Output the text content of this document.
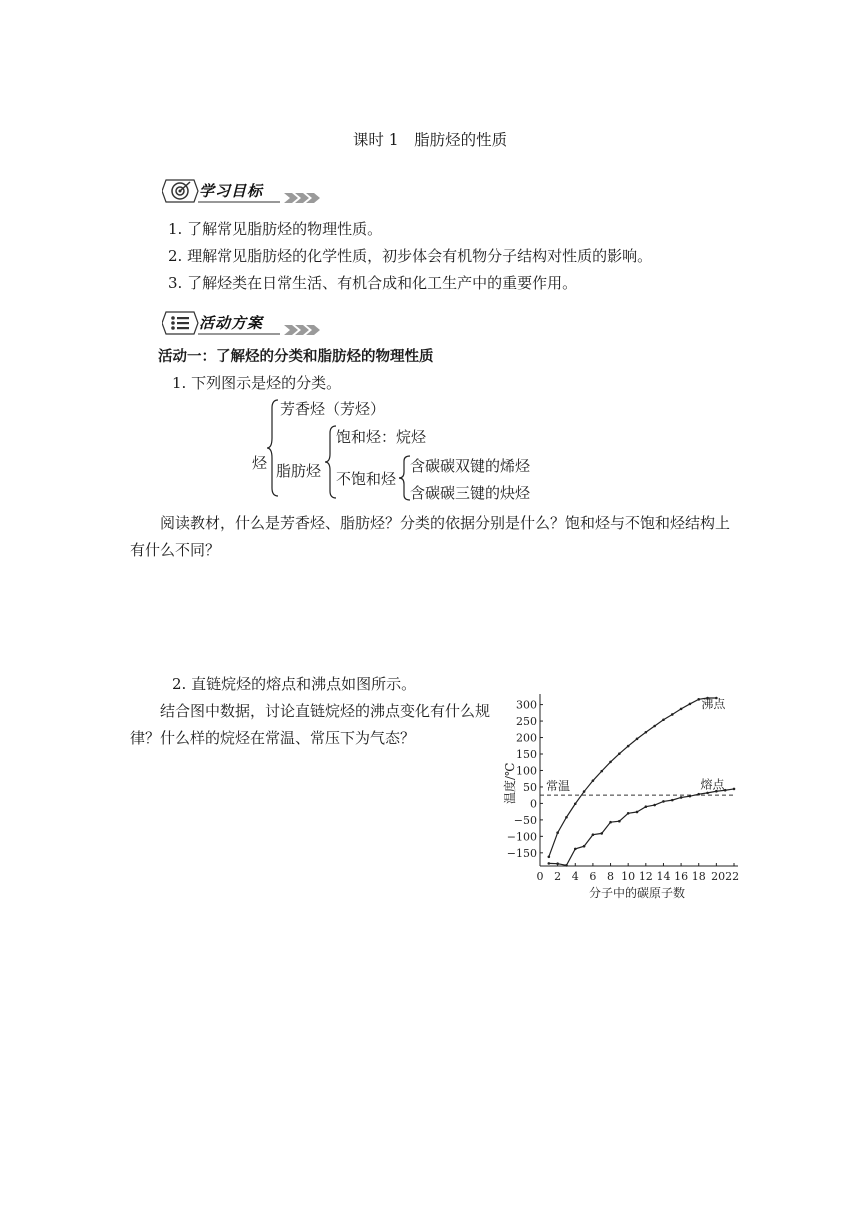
课时 1　脂肪烃的性质
学习目标
1. 了解常见脂肪烃的物理性质。
2. 理解常见脂肪烃的化学性质，初步体会有机物分子结构对性质的影响。
3. 了解烃类在日常生活、有机合成和化工生产中的重要作用。
活动方案
活动一：了解烃的分类和脂肪烃的物理性质
1. 下列图示是烃的分类。
烃
芳香烃（芳烃）
脂肪烃
饱和烃：烷烃
不饱和烃
含碳碳双键的烯烃
含碳碳三键的炔烃
阅读教材，什么是芳香烃、脂肪烃？分类的依据分别是什么？饱和烃与不饱和烃结构上有什么不同？
2. 直链烷烃的熔点和沸点如图所示。
结合图中数据，讨论直链烷烃的沸点变化有什么规律？什么样的烷烃在常温、常压下为气态？
300
250
200
150
100
50
0
−50
−100
−150
0 2 4 6 8 10 12 14 16 18 2022
常温
沸点
熔点
温度/℃
分子中的碳原子数
